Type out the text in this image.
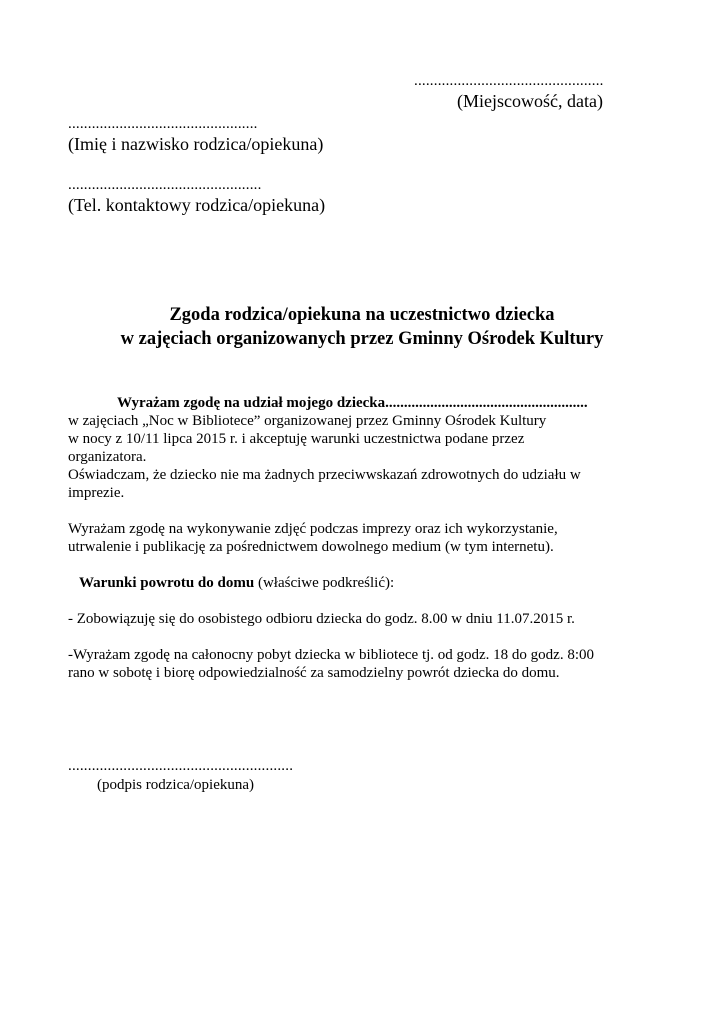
................................................
(Miejscowość, data)
................................................
(Imię i nazwisko rodzica/opiekuna)
.................................................
(Tel. kontaktowy rodzica/opiekuna)
Zgoda rodzica/opiekuna na uczestnictwo dziecka
w zajęciach organizowanych przez Gminny Ośrodek Kultury
Wyrażam zgodę na udział mojego dziecka......................................................
w zajęciach „Noc w Bibliotece” organizowanej przez Gminny Ośrodek Kultury
w nocy z 10/11 lipca 2015 r. i akceptuję warunki uczestnictwa podane przez
organizatora.
Oświadczam, że dziecko nie ma żadnych przeciwwskazań zdrowotnych do udziału w
imprezie.
Wyrażam zgodę na wykonywanie zdjęć podczas imprezy oraz ich wykorzystanie,
utrwalenie i publikację za pośrednictwem dowolnego medium (w tym internetu).
Warunki powrotu do domu (właściwe podkreślić):
- Zobowiązuję się do osobistego odbioru dziecka do godz. 8.00 w dniu 11.07.2015 r.
-Wyrażam zgodę na całonocny pobyt dziecka w bibliotece tj. od godz. 18 do godz. 8:00
rano w sobotę i biorę odpowiedzialność za samodzielny powrót dziecka do domu.
.........................................................
(podpis rodzica/opiekuna)
